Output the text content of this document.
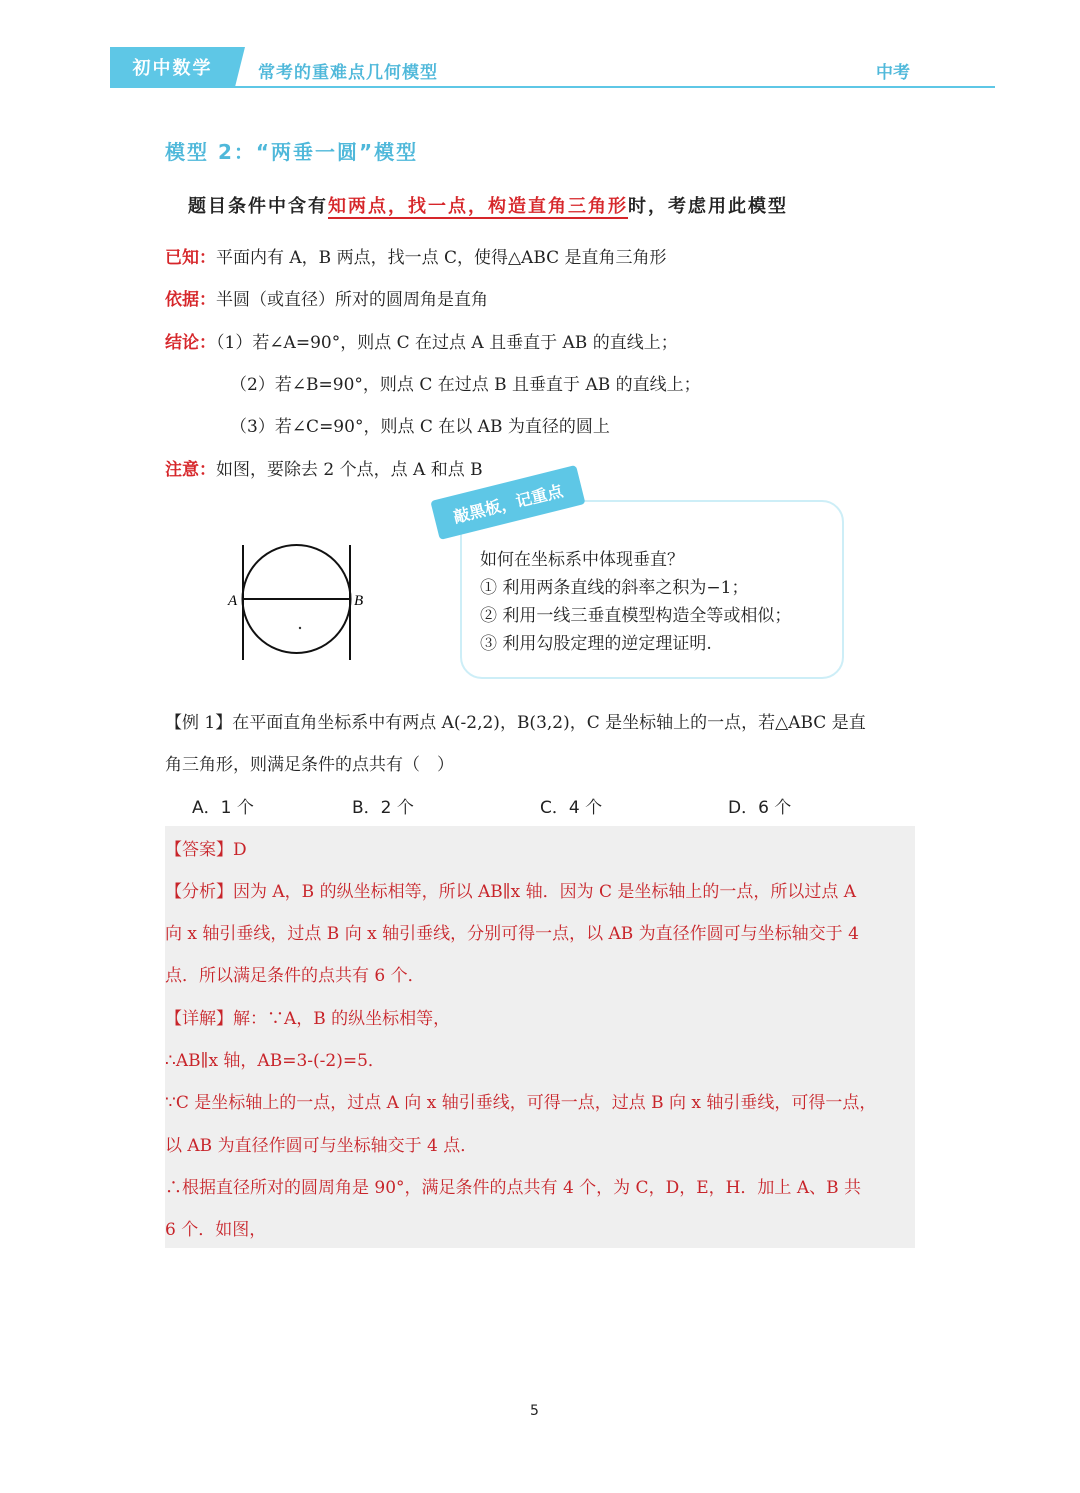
初中数学	常考的重难点几何模型	中考
模型 2：“两垂一圆”模型
题目条件中含有知两点，找一点，构造直角三角形时，考虑用此模型
已知：平面内有 A，B 两点，找一点 C，使得△ABC 是直角三角形
依据：半圆（或直径）所对的圆周角是直角
结论：（1）若∠A=90°，则点 C 在过点 A 且垂直于 AB 的直线上；
（2）若∠B=90°，则点 C 在过点 B 且垂直于 AB 的直线上；
（3）若∠C=90°，则点 C 在以 AB 为直径的圆上
注意：如图，要除去 2 个点，点 A 和点 B
A	B
敲黑板，记重点
如何在坐标系中体现垂直？
① 利用两条直线的斜率之积为−1；
② 利用一线三垂直模型构造全等或相似；
③ 利用勾股定理的逆定理证明.
【例 1】在平面直角坐标系中有两点 A(-2,2)，B(3,2)，C 是坐标轴上的一点，若△ABC 是直
角三角形，则满足条件的点共有（　）
A．1 个	B．2 个	C．4 个	D．6 个
【答案】D
【分析】因为 A，B 的纵坐标相等，所以 AB∥x 轴．因为 C 是坐标轴上的一点，所以过点 A
向 x 轴引垂线，过点 B 向 x 轴引垂线，分别可得一点，以 AB 为直径作圆可与坐标轴交于 4
点．所以满足条件的点共有 6 个．
【详解】解：∵A，B 的纵坐标相等，
∴AB∥x 轴，AB=3-(-2)=5．
∵C 是坐标轴上的一点，过点 A 向 x 轴引垂线，可得一点，过点 B 向 x 轴引垂线，可得一点，
以 AB 为直径作圆可与坐标轴交于 4 点．
∴根据直径所对的圆周角是 90°，满足条件的点共有 4 个，为 C，D，E，H．加上 A、B 共
6 个．如图，
5
